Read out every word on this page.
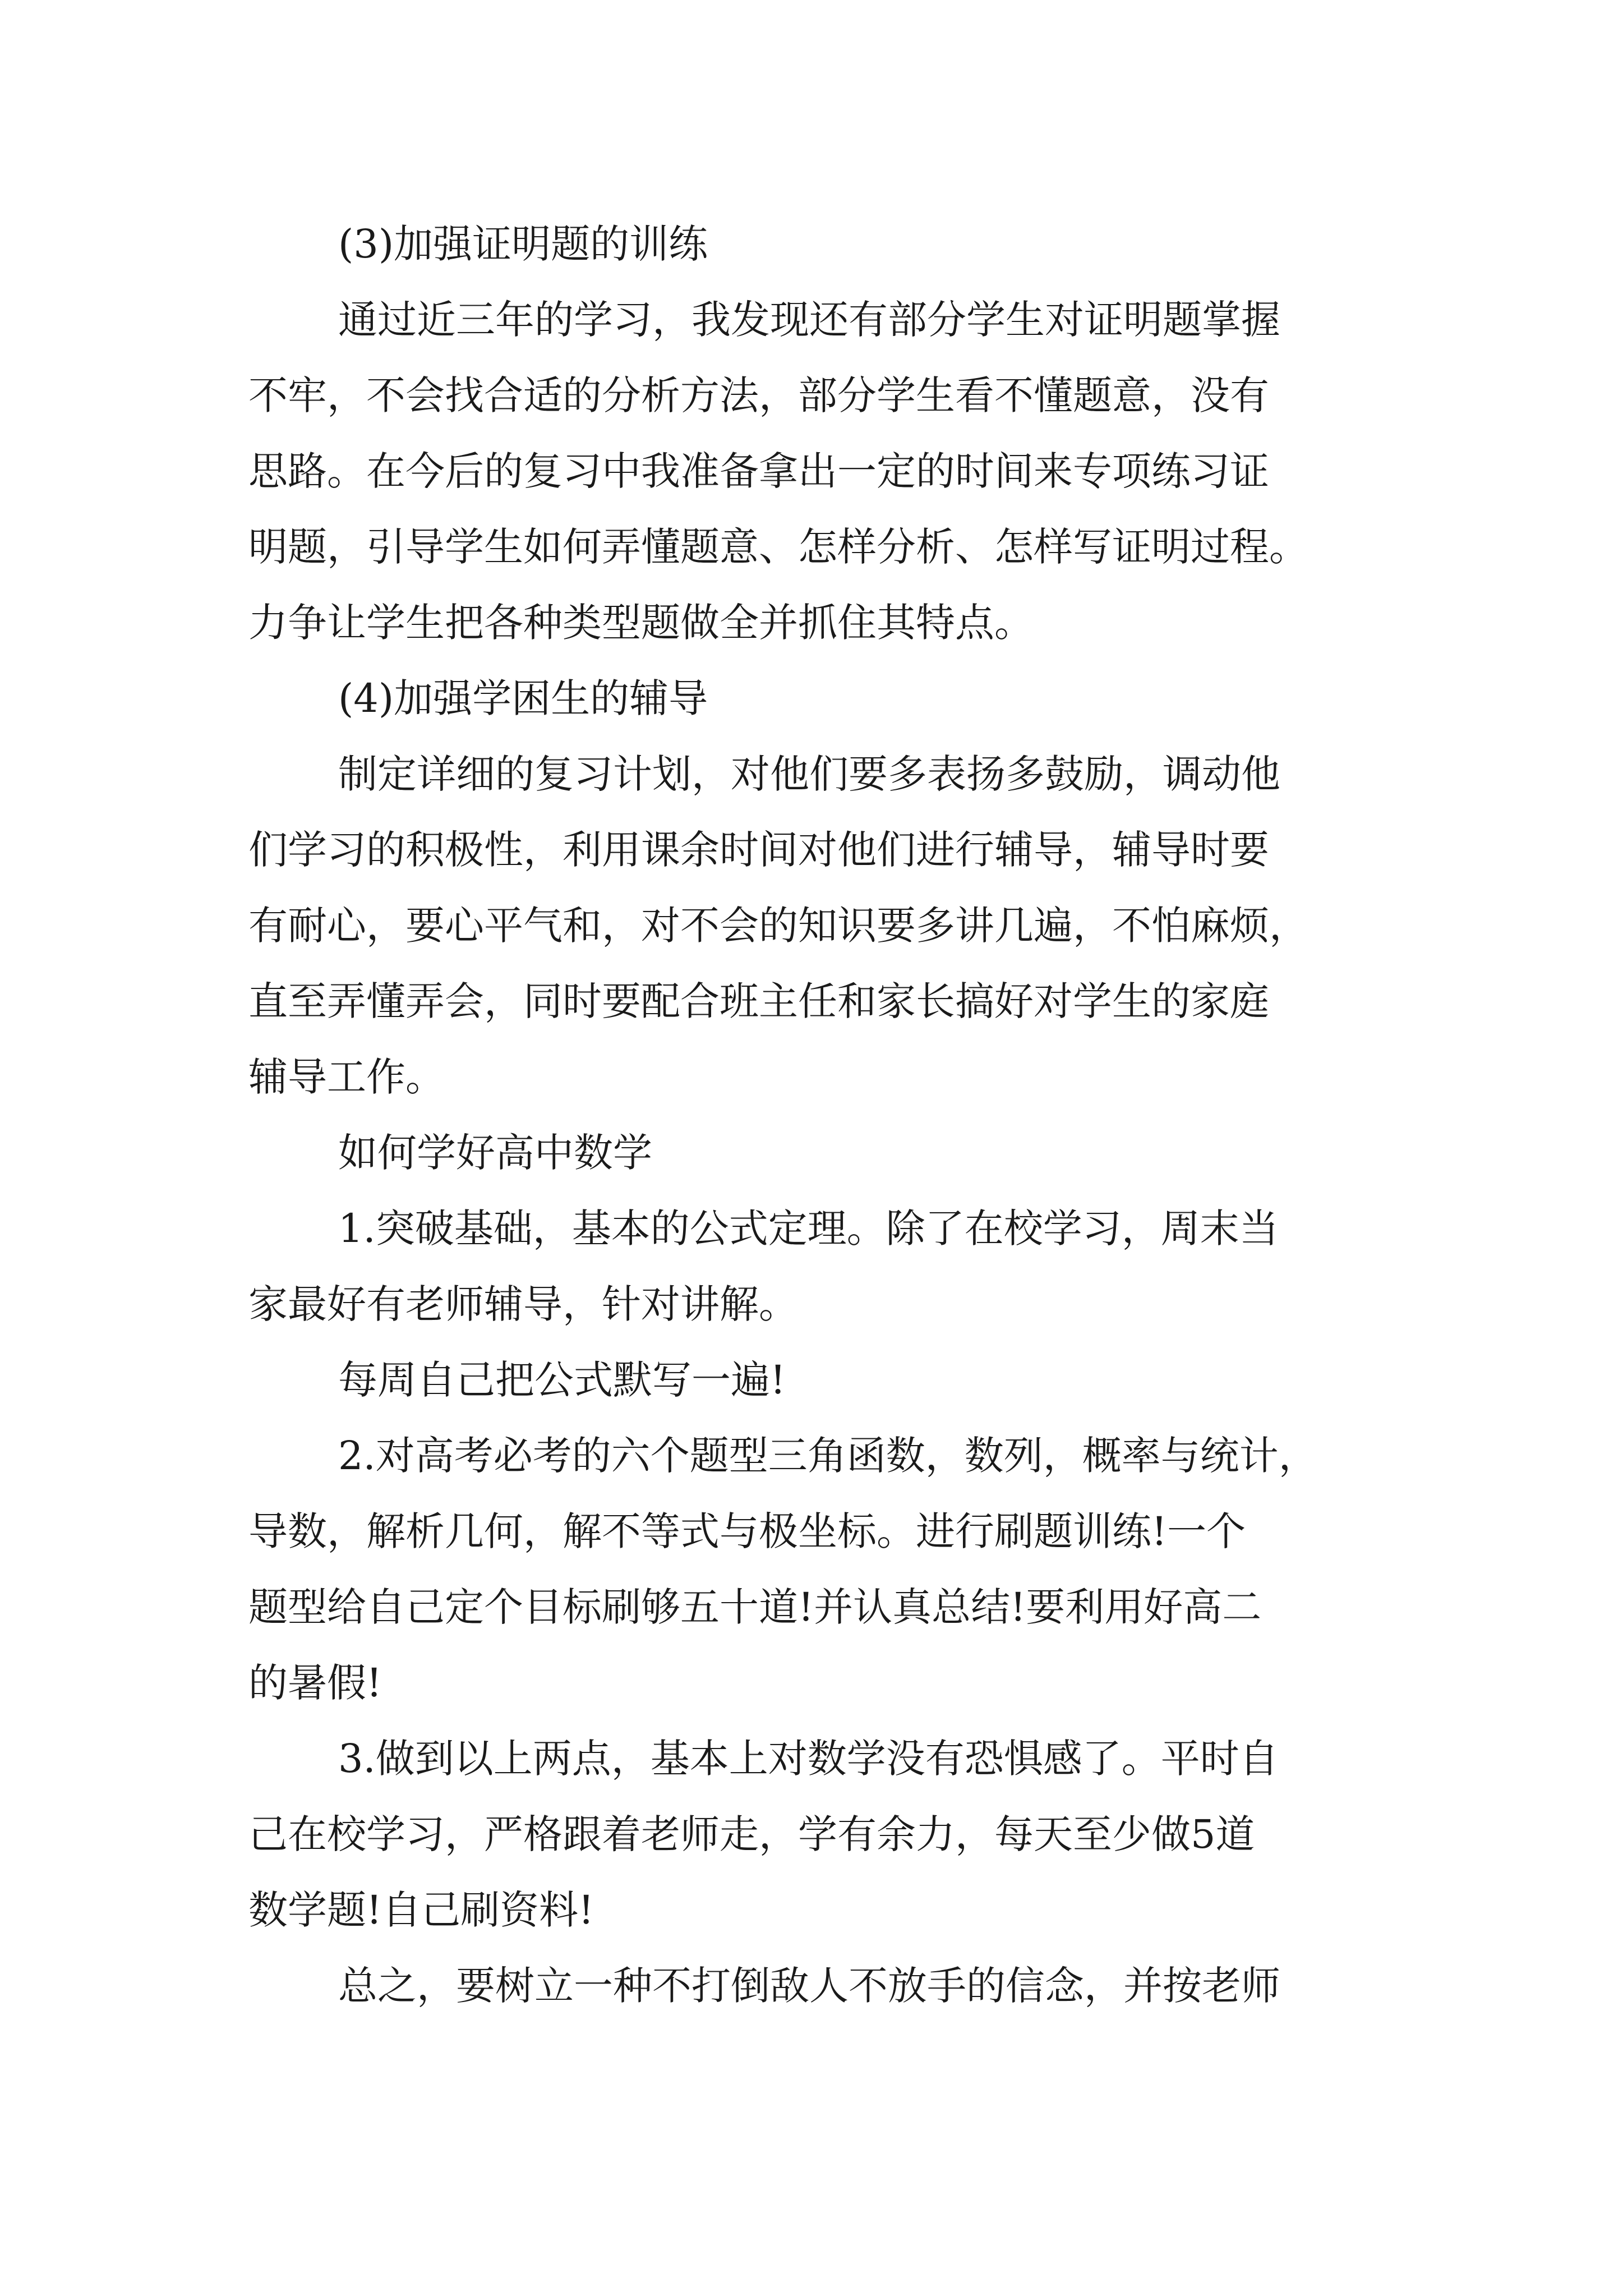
(3)加强证明题的训练
通过近三年的学习，我发现还有部分学生对证明题掌握
不牢，不会找合适的分析方法，部分学生看不懂题意，没有
思路。在今后的复习中我准备拿出一定的时间来专项练习证
明题，引导学生如何弄懂题意、怎样分析、怎样写证明过程。
力争让学生把各种类型题做全并抓住其特点。
(4)加强学困生的辅导
制定详细的复习计划，对他们要多表扬多鼓励，调动他
们学习的积极性，利用课余时间对他们进行辅导，辅导时要
有耐心，要心平气和，对不会的知识要多讲几遍，不怕麻烦，
直至弄懂弄会，同时要配合班主任和家长搞好对学生的家庭
辅导工作。
如何学好高中数学
1.突破基础，基本的公式定理。除了在校学习，周末当
家最好有老师辅导，针对讲解。
每周自己把公式默写一遍!
2.对高考必考的六个题型三角函数，数列，概率与统计，
导数，解析几何，解不等式与极坐标。进行刷题训练!一个
题型给自己定个目标刷够五十道!并认真总结!要利用好高二
的暑假!
3.做到以上两点，基本上对数学没有恐惧感了。平时自
己在校学习，严格跟着老师走，学有余力，每天至少做5道
数学题!自己刷资料!
总之，要树立一种不打倒敌人不放手的信念，并按老师
